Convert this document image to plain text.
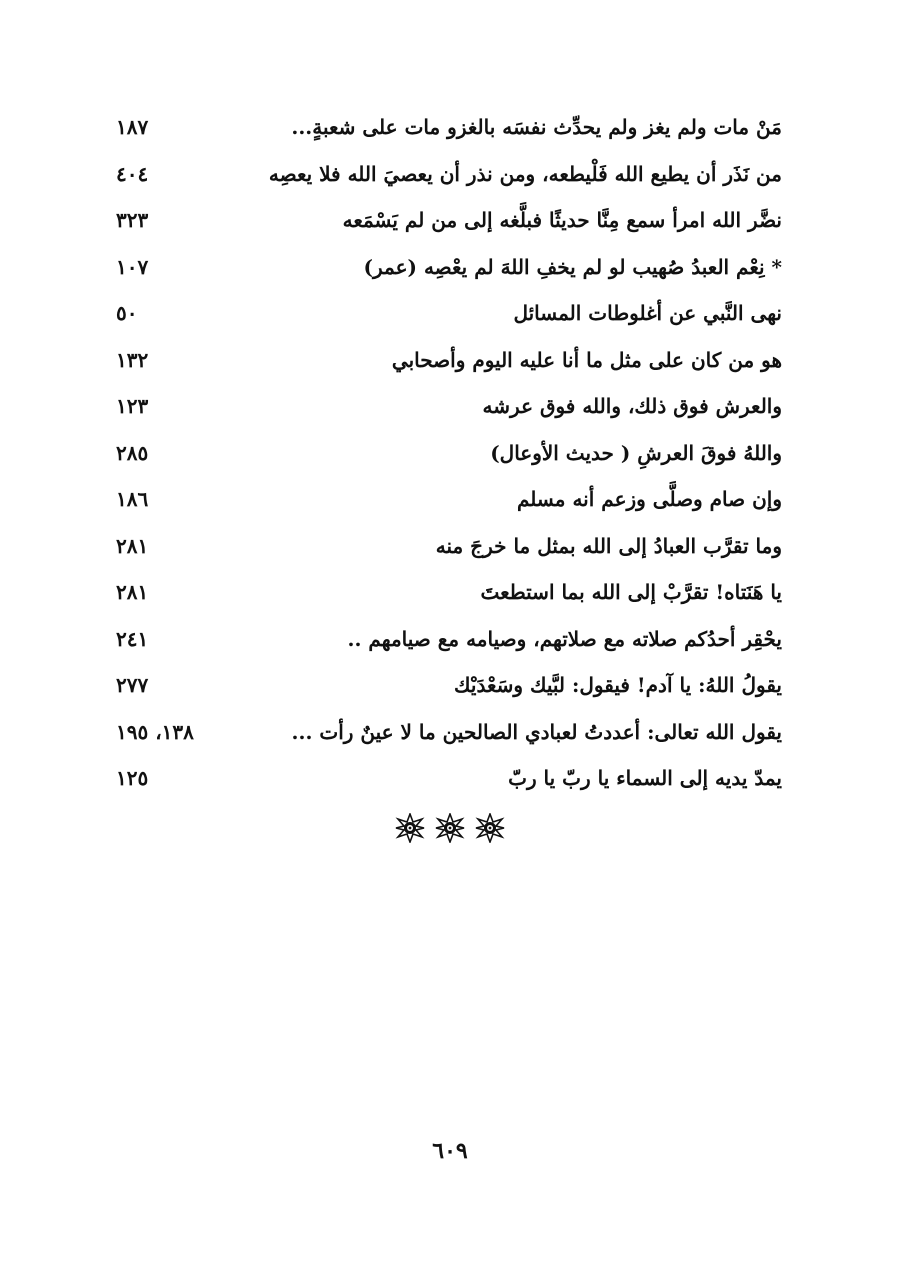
مَنْ مات ولم يغز ولم يحدِّث نفسَه بالغزو مات على شعبةٍ...
١٨٧
من نَذَر أن يطيع الله فَلْيطعه، ومن نذر أن يعصيَ الله فلا يعصِه
٤٠٤
نضَّر الله امرأ سمع مِنَّا حديثًا فبلَّغه إلى من لم يَسْمَعه
٣٢٣
* نِعْم العبدُ صُهيب لو لم يخفِ اللهَ لم يعْصِه (عمر)
١٠٧
نهى النَّبي عن أغلوطات المسائل
٥٠
هو من كان على مثل ما أنا عليه اليوم وأصحابي
١٣٢
والعرش فوق ذلك، والله فوق عرشه
١٢٣
واللهُ فوقَ العرشِ ( حديث الأوعال)
٢٨٥
وإن صام وصلَّى وزعم أنه مسلم
١٨٦
وما تقرَّب العبادُ إلى الله بمثل ما خرجَ منه
٢٨١
يا هَنَتاه! تقرَّبْ إلى الله بما استطعتَ
٢٨١
يحْقِر أحدُكم صلاته مع صلاتهم، وصيامه مع صيامهم ..
٢٤١
يقولُ اللهُ: يا آدم! فيقول: لبَّيك وسَعْدَيْك
٢٧٧
يقول الله تعالى: أعددتُ لعبادي الصالحين ما لا عينٌ رأت ...
١٣٨، ١٩٥
يمدّ يديه إلى السماء يا ربّ يا ربّ
١٢٥
٦٠٩
